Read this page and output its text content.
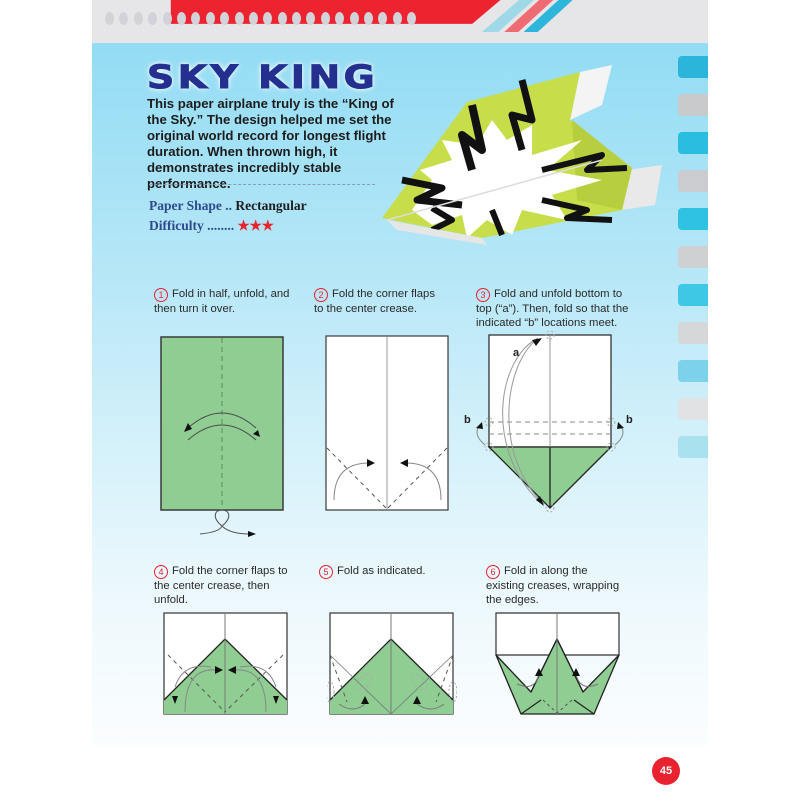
SKY KING
This paper airplane truly is the “King of the Sky.” The design helped me set the original world record for longest flight duration. When thrown high, it demonstrates incredibly stable performance.
Paper Shape .. Rectangular
Difficulty ........ ★★★
1 Fold in half, unfold, and then turn it over.
2 Fold the corner flaps to the center crease.
3 Fold and unfold bottom to top (“a”). Then, fold so that the indicated “b” locations meet.
a
b	b
4 Fold the corner flaps to the center crease, then unfold.
5 Fold as indicated.	6 Fold in along the existing creases, wrapping the edges.
45
